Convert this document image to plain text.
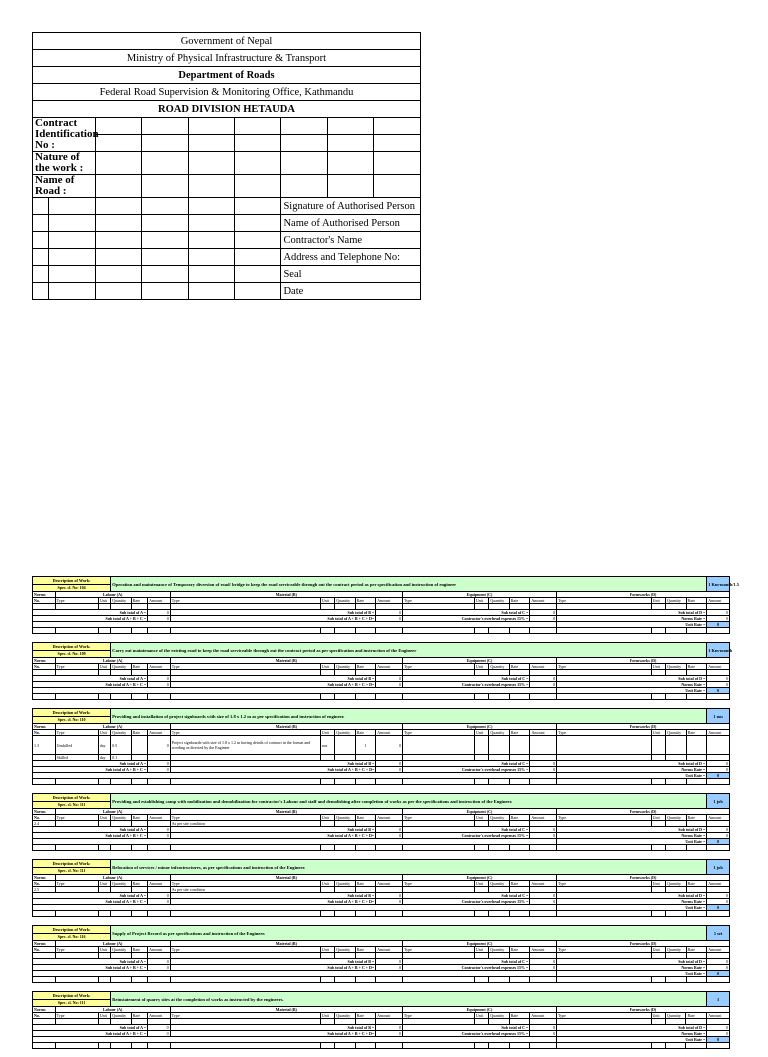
Government of Nepal								
Ministry of Physical Infrastructure & Transport								
Department of Roads								
Federal Road Supervision & Monitoring Office, Kathmandu								
ROAD DIVISION HETAUDA								
Contract Identification No :								

Nature of the work :								
Name of Road :								
						Signature of Authorised Person		
						Name of Authorised Person		
						Contractor's Name		
						Address and Telephone No:		
						Seal		
						Date		
Description of Work:			Operation and maintenance of Temporary diversion of road/ bridge to keep the road serviceable through out the contract period as per specification and instruction of engineer																	1 Km-month/1.5
Spec. cl. No: 104																				
Norms	Labour (A)					Material (B)					Equipment (C)					Formworks (D)				
No.	Type	Unit	Quantity	Rate	Amount	Type	Unit	Quantity	Rate	Amount	Type	Unit	Quantity	Rate	Amount	Type	Unit	Quantity	Rate	Amount

Sub total of A =					0	Sub total of B =				0	Sub total of C =				0	Sub total of D =				0
Sub total of A + B + C =					0	Sub total of A + B + C + D=				0	Contractor's overhead expenses 15% =				0	Norms Rate =				0
																Unit Rate =				0

Description of Work:			Carry out maintenance of the existing road to keep the road serviceable through out the contract period as per specification and instruction of the Engineer																	1 Km-month
Spec. cl. No: 109																				
Norms	Labour (A)					Material (B)					Equipment (C)					Formworks (D)				
No.	Type	Unit	Quantity	Rate	Amount	Type	Unit	Quantity	Rate	Amount	Type	Unit	Quantity	Rate	Amount	Type	Unit	Quantity	Rate	Amount

Sub total of A =					0	Sub total of B =				0	Sub total of C =				0	Sub total of D =				0
Sub total of A + B + C =					0	Sub total of A + B + C + D=				0	Contractor's overhead expenses 15% =				0	Norms Rate =				0
																Unit Rate =				0

Description of Work:			Providing and installation of project signboards with size of 1.8 x 1.2 m as per specification and instruction of engineer.																	1 nos
Spec. cl. No: 110																				
Norms	Labour (A)					Material (B)					Equipment (C)					Formworks (D)				
No.	Type	Unit	Quantity	Rate	Amount	Type	Unit	Quantity	Rate	Amount	Type	Unit	Quantity	Rate	Amount	Type	Unit	Quantity	Rate	Amount
1.3	Unskilled	day	0.5		0	Project signboards with size of 1.8 x 1.2 m having details of contract in the format and wording as directed by the Engineer	nos		1	0										
	Skilled	day	0.1																	
Sub total of A =					0	Sub total of B =				0	Sub total of C =				0	Sub total of D =				0
Sub total of A + B + C =					0	Sub total of A + B + C + D=				0	Contractor's overhead expenses 15% =				0	Norms Rate =				0
																Unit Rate =				0

Description of Work:			Providing and establishing camp with mobilization and demobilization for contractor's Labour and staff and demolishing after completion of works as per the specifications and instruction of the Engineer.																	1 job
Spec. cl. No: 111																				
Norms	Labour (A)					Material (B)					Equipment (C)					Formworks (D)				
No.	Type	Unit	Quantity	Rate	Amount	Type	Unit	Quantity	Rate	Amount	Type	Unit	Quantity	Rate	Amount	Type	Unit	Quantity	Rate	Amount
2.4						As per site condition														
Sub total of A =					0	Sub total of B =				0	Sub total of C =				0	Sub total of D =				0
Sub total of A + B + C =					0	Sub total of A + B + C + D=				0	Contractor's overhead expenses 15% =				0	Norms Rate =				0
																Unit Rate =				0

Description of Work:			Relocation of services / minor infrastructures, as per specifications and instruction of the Engineer.																	1 job
Spec. cl. No: 111																				
Norms	Labour (A)					Material (B)					Equipment (C)					Formworks (D)				
No.	Type	Unit	Quantity	Rate	Amount	Type	Unit	Quantity	Rate	Amount	Type	Unit	Quantity	Rate	Amount	Type	Unit	Quantity	Rate	Amount
2.5						As per site condition														
Sub total of A =					0	Sub total of B =				0	Sub total of C =				0	Sub total of D =				0
Sub total of A + B + C =					0	Sub total of A + B + C + D=				0	Contractor's overhead expenses 15% =				0	Norms Rate =				0
																Unit Rate =				0

Description of Work:			Supply of Project Record as per specifications and instruction of the Engineer.																	1 set
Spec. cl. No: 116																				
Norms	Labour (A)					Material (B)					Equipment (C)					Formworks (D)				
No.	Type	Unit	Quantity	Rate	Amount	Type	Unit	Quantity	Rate	Amount	Type	Unit	Quantity	Rate	Amount	Type	Unit	Quantity	Rate	Amount

Sub total of A =					0	Sub total of B =				0	Sub total of C =				0	Sub total of D =				0
Sub total of A + B + C =					0	Sub total of A + B + C + D=				0	Contractor's overhead expenses 15% =				0	Norms Rate =				0
																Unit Rate =				0

Description of Work:			Reinstatement of quarry sites at the completion of works as instructed by the engineers.																	1
Spec. cl. No: 111																				
Norms	Labour (A)					Material (B)					Equipment (C)					Formworks (D)				
No.	Type	Unit	Quantity	Rate	Amount	Type	Unit	Quantity	Rate	Amount	Type	Unit	Quantity	Rate	Amount	Type	Unit	Quantity	Rate	Amount

Sub total of A =					0	Sub total of B =				0	Sub total of C =				0	Sub total of D =				0
Sub total of A + B + C =					0	Sub total of A + B + C + D=				0	Contractor's overhead expenses 15% =				0	Norms Rate =				0
																Unit Rate =				0
